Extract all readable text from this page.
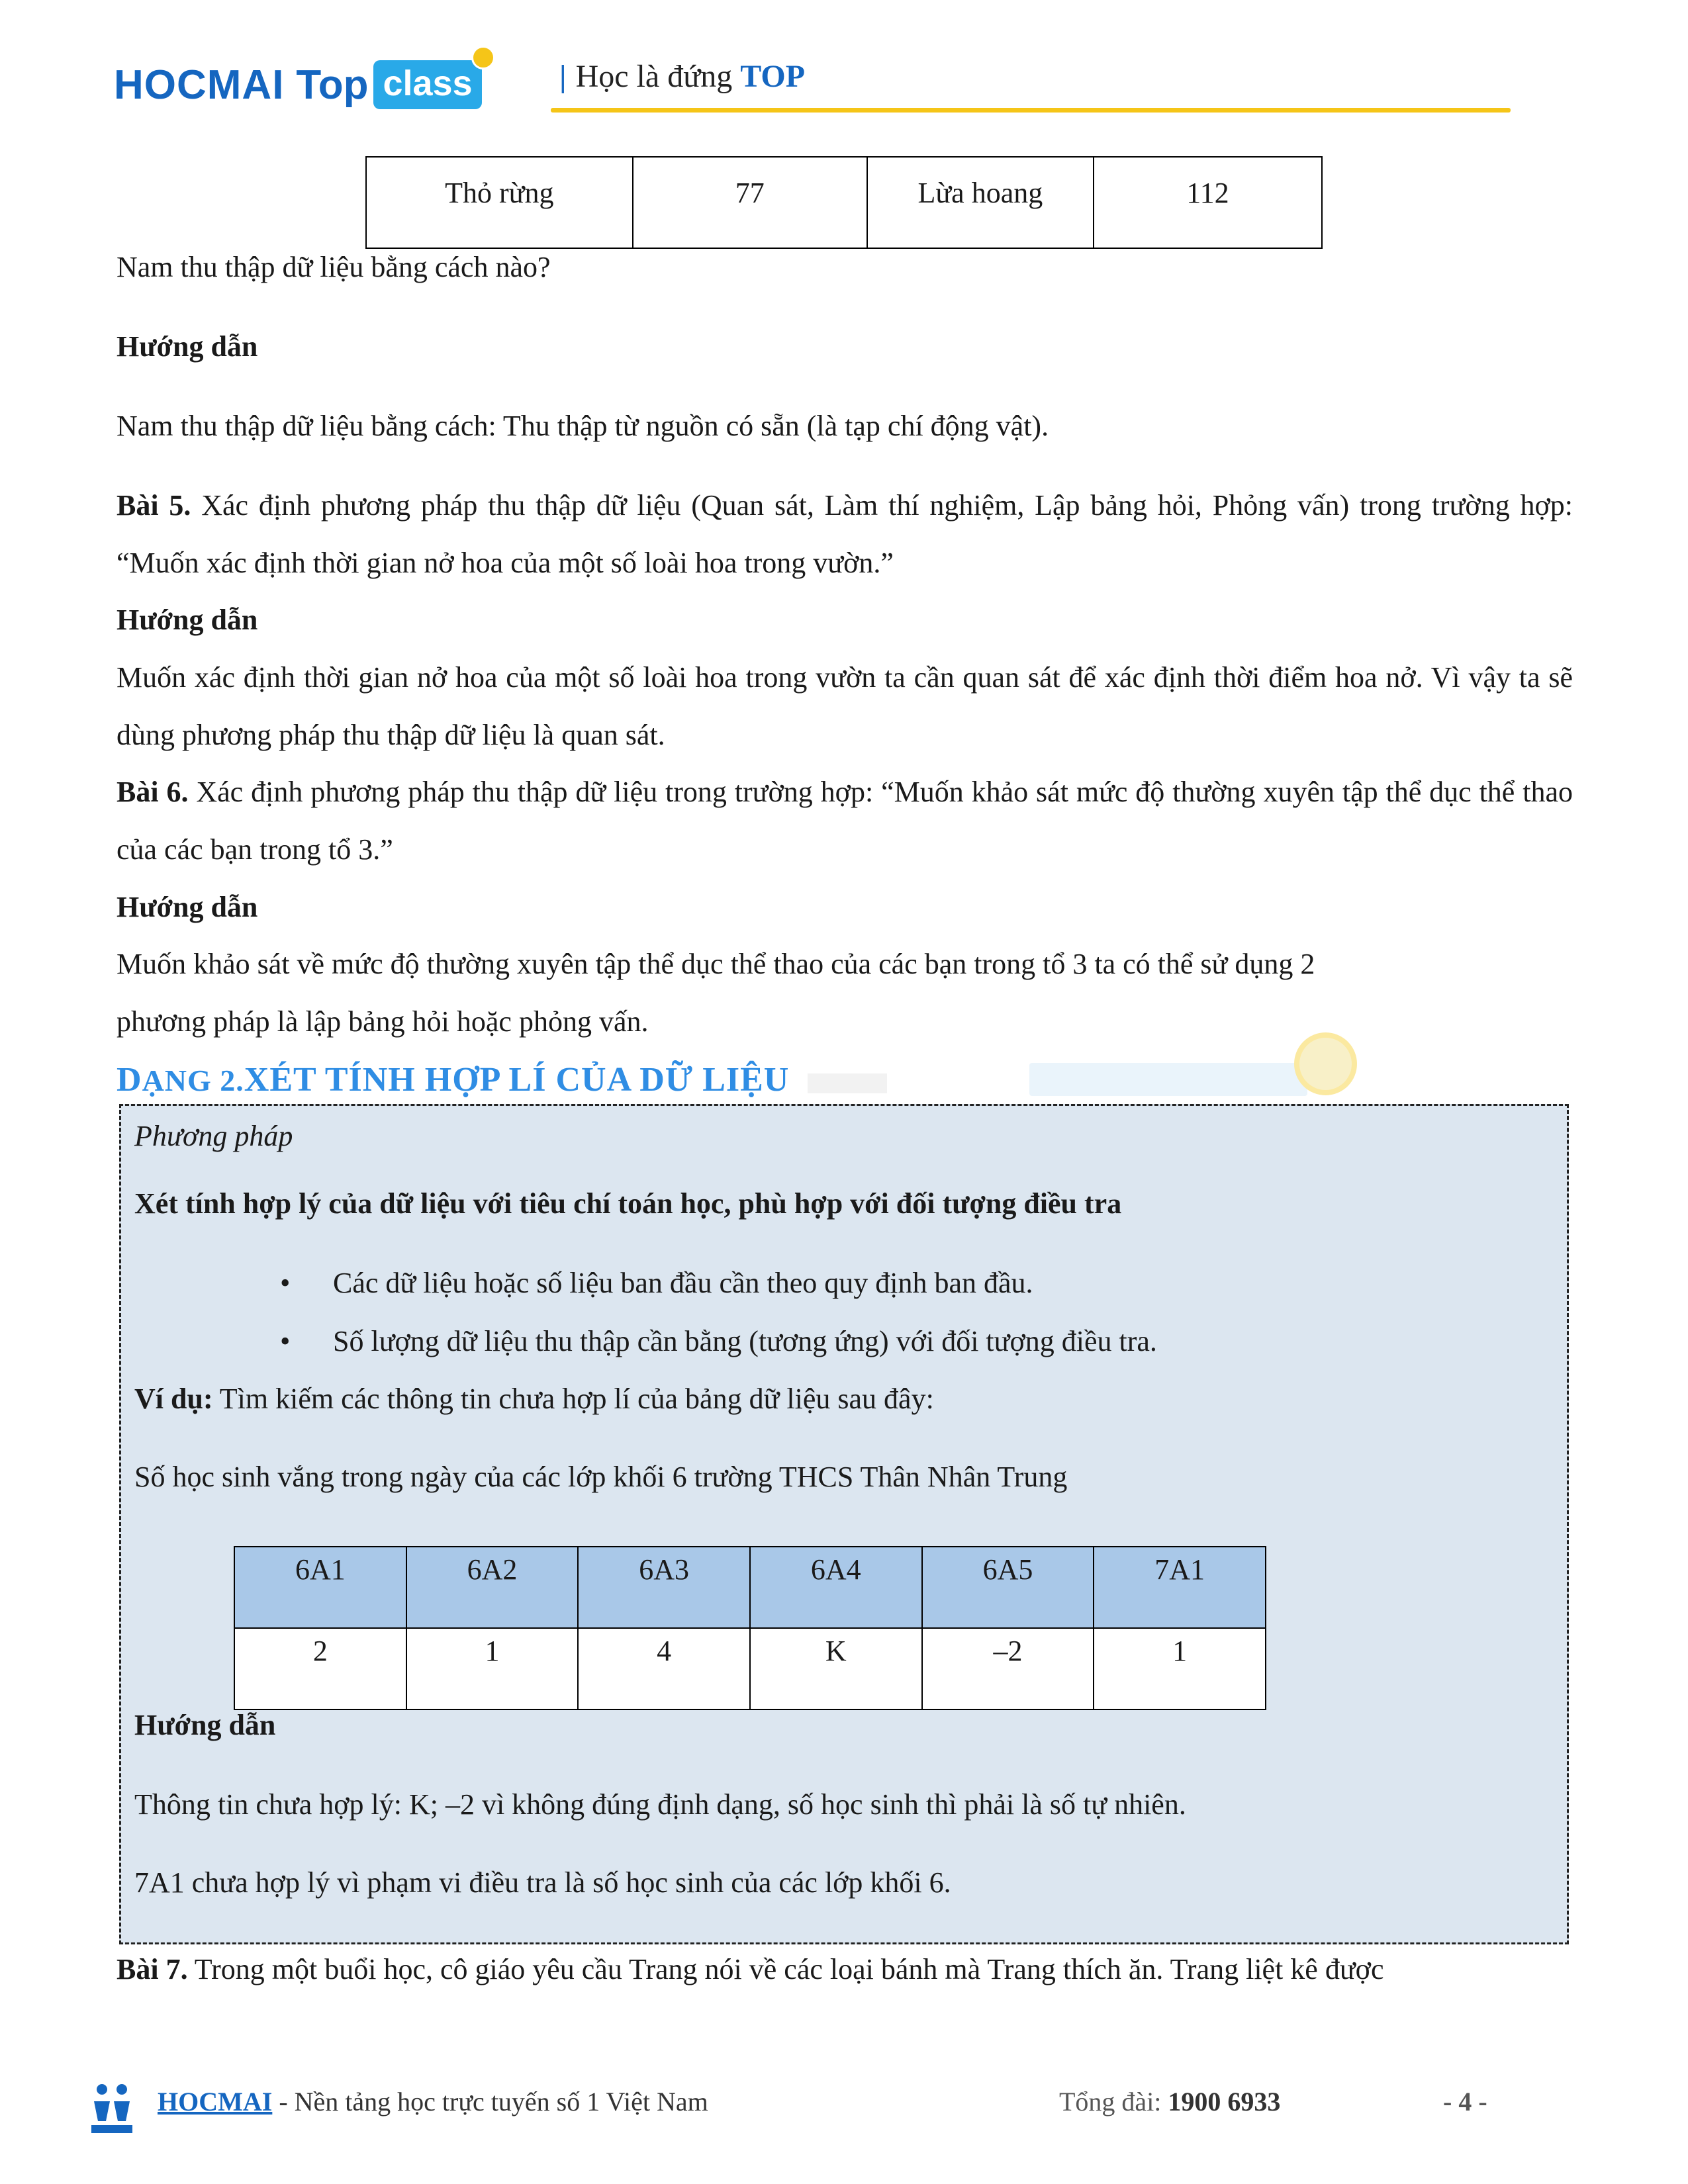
HOCMAI Top class	| Học là đứng TOP
Thỏ rừng	77	Lừa hoang	112
Nam thu thập dữ liệu bằng cách nào?
Hướng dẫn
Nam thu thập dữ liệu bằng cách: Thu thập từ nguồn có sẵn (là tạp chí động vật).
Bài 5. Xác định phương pháp thu thập dữ liệu (Quan sát, Làm thí nghiệm, Lập bảng hỏi, Phỏng vấn) trong trường hợp: “Muốn xác định thời gian nở hoa của một số loài hoa trong vườn.”
Hướng dẫn
Muốn xác định thời gian nở hoa của một số loài hoa trong vườn ta cần quan sát để xác định thời điểm hoa nở. Vì vậy ta sẽ dùng phương pháp thu thập dữ liệu là quan sát.
Bài 6. Xác định phương pháp thu thập dữ liệu trong trường hợp: “Muốn khảo sát mức độ thường xuyên tập thể dục thể thao của các bạn trong tổ 3.”
Hướng dẫn
Muốn khảo sát về mức độ thường xuyên tập thể dục thể thao của các bạn trong tổ 3 ta có thể sử dụng 2
phương pháp là lập bảng hỏi hoặc phỏng vấn.
DẠNG 2.XÉT TÍNH HỢP LÍ CỦA DỮ LIỆU
Phương pháp
Xét tính hợp lý của dữ liệu với tiêu chí toán học, phù hợp với đối tượng điều tra
• Các dữ liệu hoặc số liệu ban đầu cần theo quy định ban đầu.
• Số lượng dữ liệu thu thập cần bằng (tương ứng) với đối tượng điều tra.
Ví dụ: Tìm kiếm các thông tin chưa hợp lí của bảng dữ liệu sau đây:
Số học sinh vắng trong ngày của các lớp khối 6 trường THCS Thân Nhân Trung
6A1	6A2	6A3	6A4	6A5	7A1
2	1	4	K	–2	1
Hướng dẫn
Thông tin chưa hợp lý: K; –2 vì không đúng định dạng, số học sinh thì phải là số tự nhiên.
7A1 chưa hợp lý vì phạm vi điều tra là số học sinh của các lớp khối 6.
Bài 7. Trong một buổi học, cô giáo yêu cầu Trang nói về các loại bánh mà Trang thích ăn. Trang liệt kê được
HOCMAI - Nền tảng học trực tuyến số 1 Việt Nam	Tổng đài: 1900 6933	- 4 -
